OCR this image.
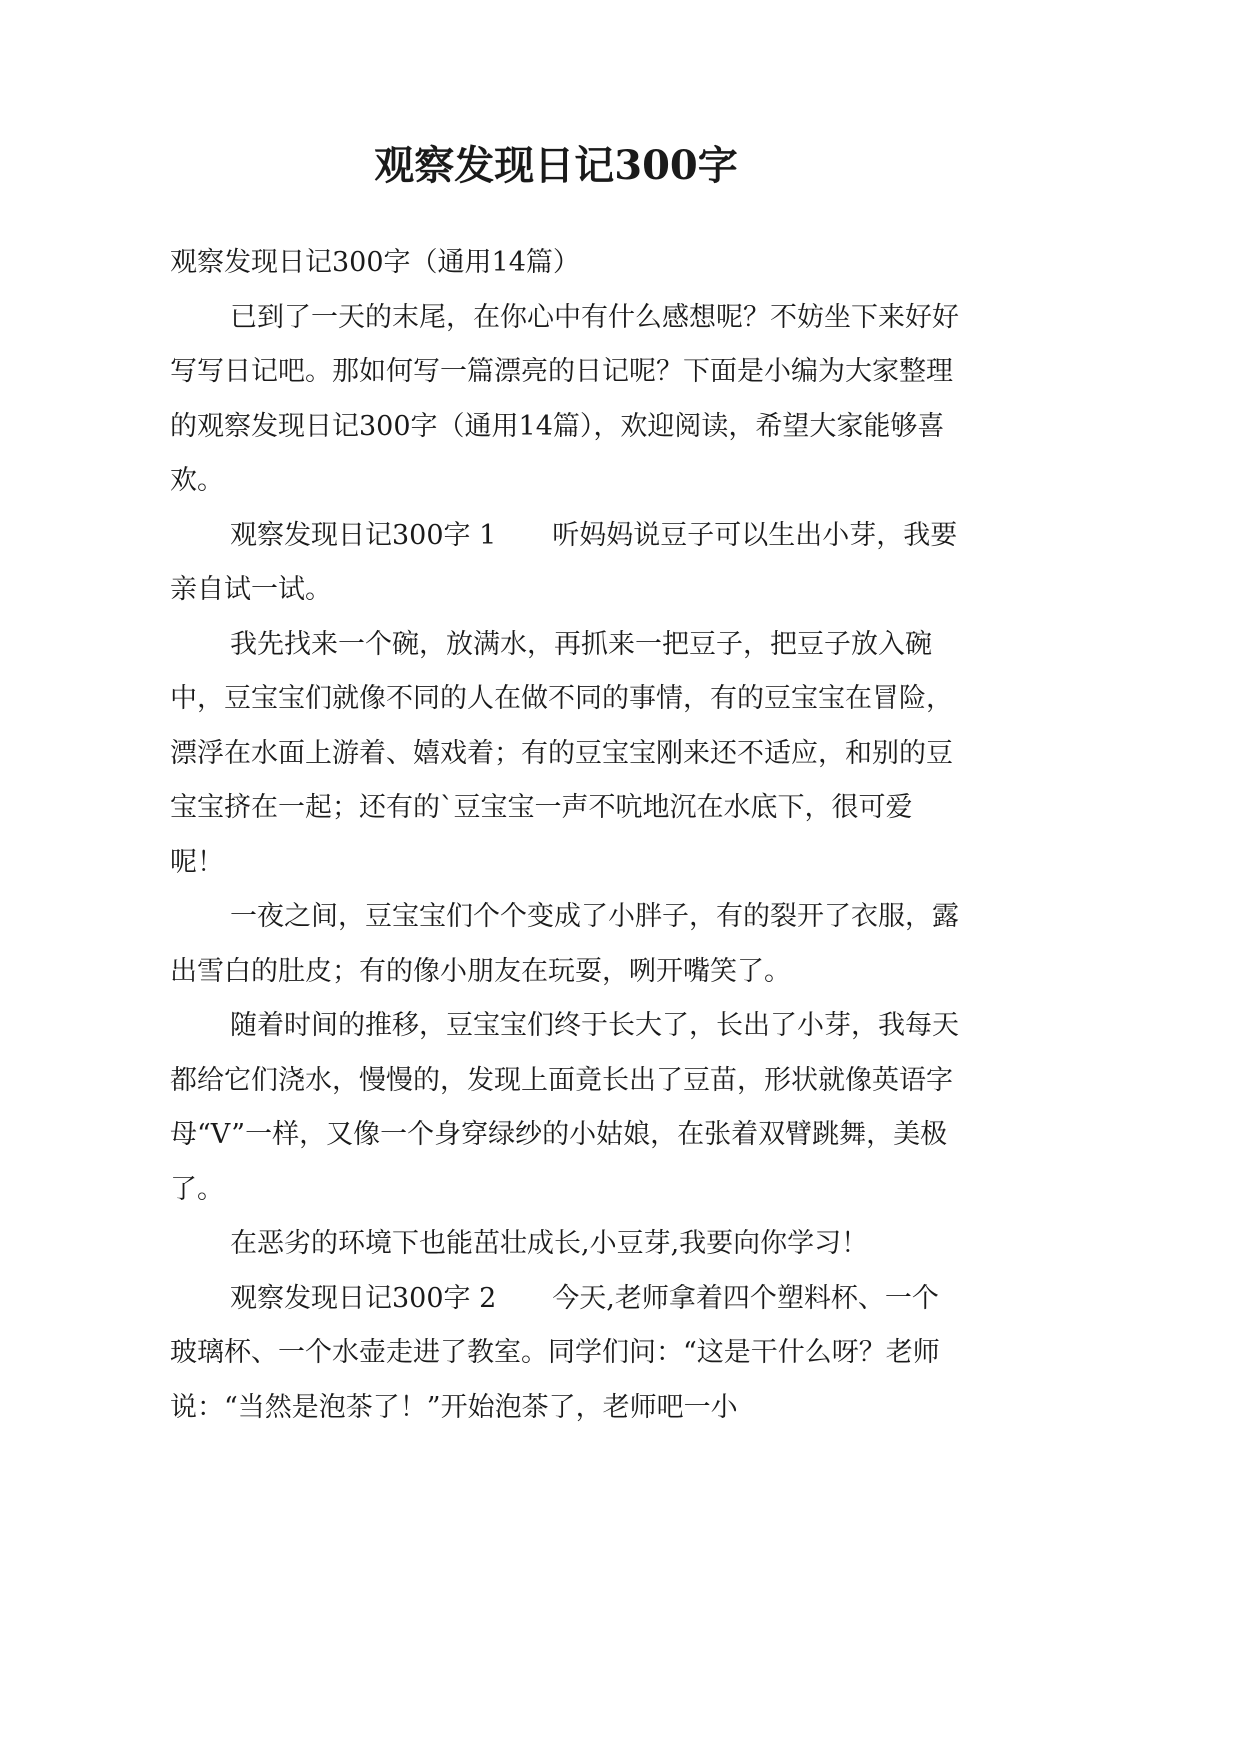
观察发现日记300字

观察发现日记300字（通用14篇）

已到了一天的末尾，在你心中有什么感想呢？不妨坐下来好好写写日记吧。那如何写一篇漂亮的日记呢？下面是小编为大家整理的观察发现日记300字（通用14篇），欢迎阅读，希望大家能够喜欢。

观察发现日记300字 1 听妈妈说豆子可以生出小芽，我要亲自试一试。

我先找来一个碗，放满水，再抓来一把豆子，把豆子放入碗中，豆宝宝们就像不同的人在做不同的事情，有的豆宝宝在冒险，漂浮在水面上游着、嬉戏着；有的豆宝宝刚来还不适应，和别的豆宝宝挤在一起；还有的`豆宝宝一声不吭地沉在水底下，很可爱呢！

一夜之间，豆宝宝们个个变成了小胖子，有的裂开了衣服，露出雪白的肚皮；有的像小朋友在玩耍，咧开嘴笑了。

随着时间的推移，豆宝宝们终于长大了，长出了小芽，我每天都给它们浇水，慢慢的，发现上面竟长出了豆苗，形状就像英语字母“V”一样，又像一个身穿绿纱的小姑娘，在张着双臂跳舞，美极了。

在恶劣的环境下也能茁壮成长,小豆芽,我要向你学习！

观察发现日记300字 2 今天,老师拿着四个塑料杯、一个玻璃杯、一个水壶走进了教室。同学们问：“这是干什么呀？老师说：“当然是泡茶了！”开始泡茶了，老师吧一小
